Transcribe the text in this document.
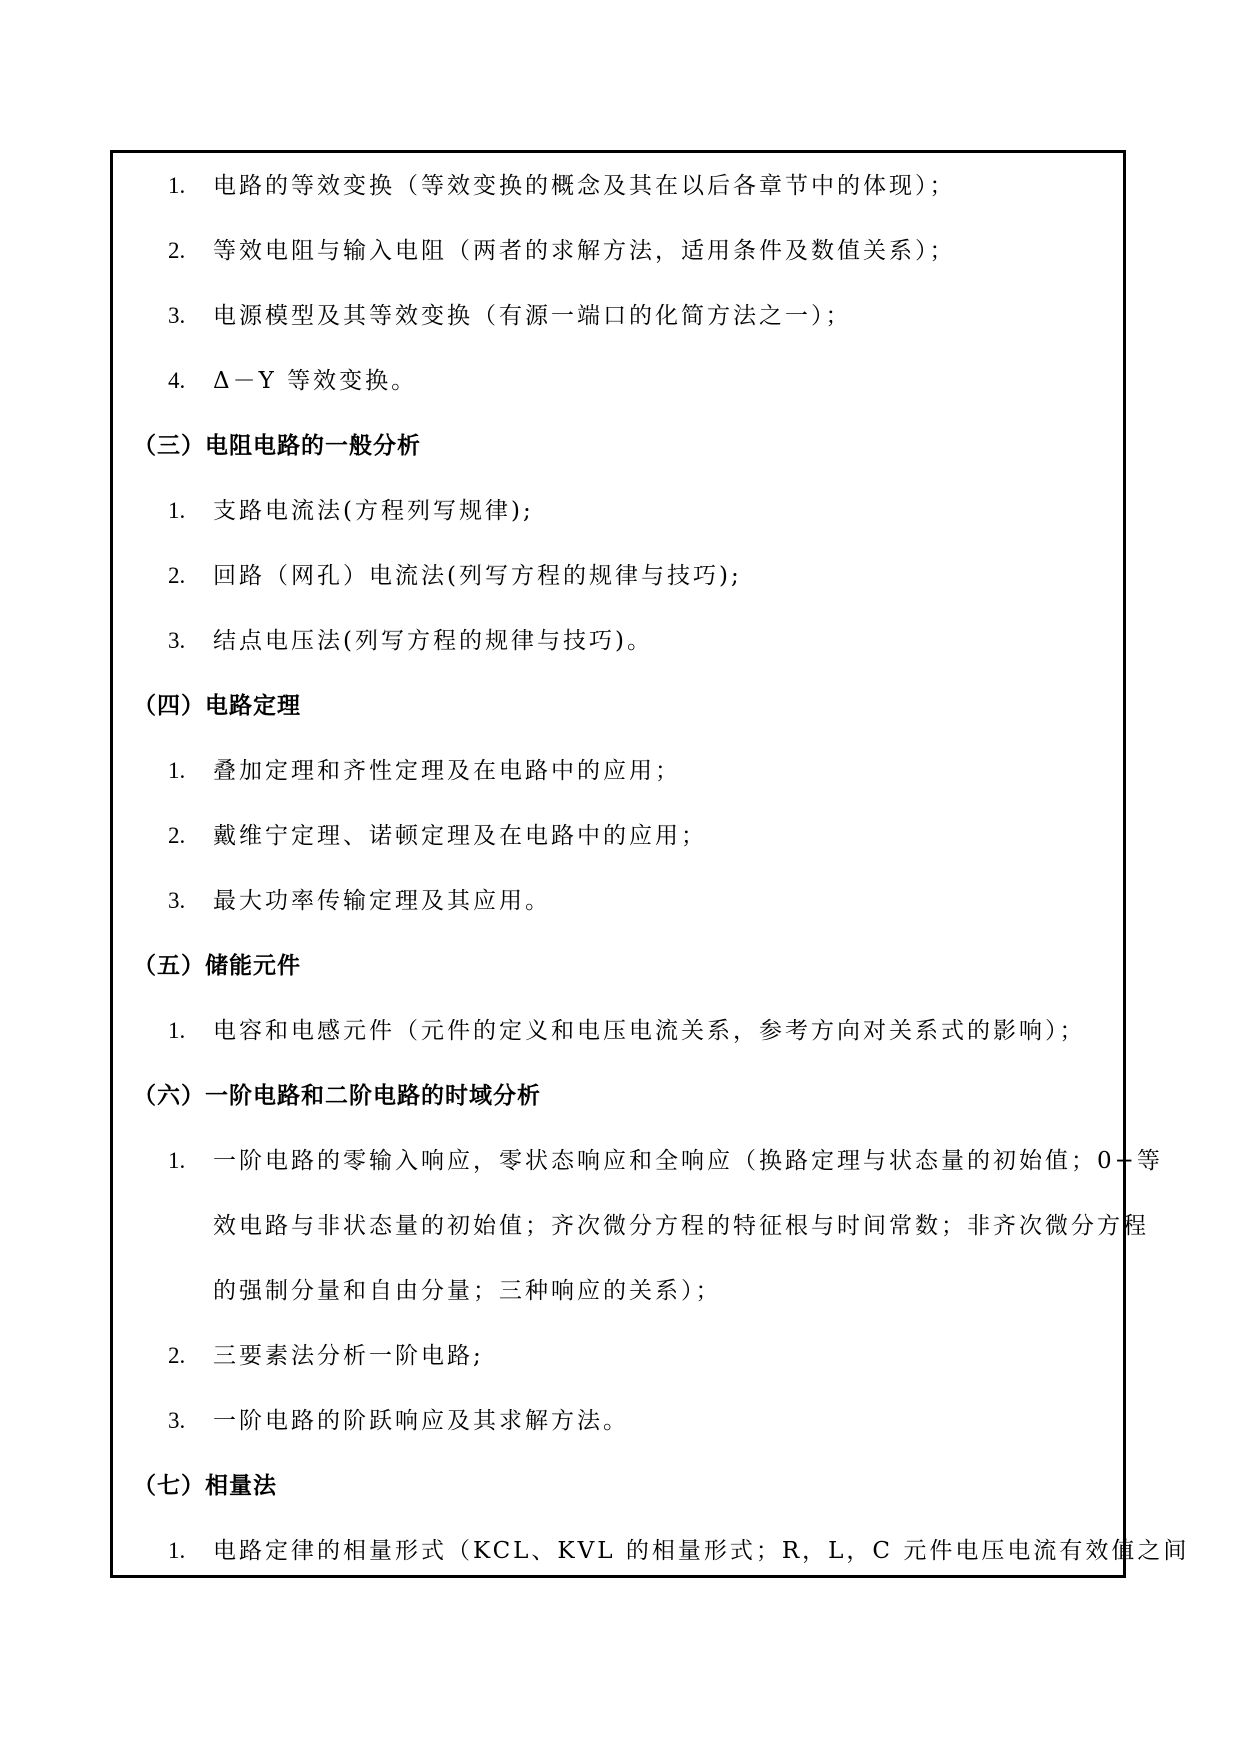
1.	电路的等效变换（等效变换的概念及其在以后各章节中的体现）；
2.	等效电阻与输入电阻（两者的求解方法，适用条件及数值关系）；
3.	电源模型及其等效变换（有源一端口的化简方法之一）；
4.	Δ－Y 等效变换。
（三）电阻电路的一般分析
1.	支路电流法(方程列写规律);
2.	回路（网孔）电流法(列写方程的规律与技巧);
3.	结点电压法(列写方程的规律与技巧)。
（四）电路定理
1.	叠加定理和齐性定理及在电路中的应用；
2.	戴维宁定理、诺顿定理及在电路中的应用；
3.	最大功率传输定理及其应用。
（五）储能元件
1.	电容和电感元件（元件的定义和电压电流关系，参考方向对关系式的影响）；
（六）一阶电路和二阶电路的时域分析
1.	一阶电路的零输入响应，零状态响应和全响应（换路定理与状态量的初始值；0+等
效电路与非状态量的初始值；齐次微分方程的特征根与时间常数；非齐次微分方程
的强制分量和自由分量；三种响应的关系）；
2.	三要素法分析一阶电路;
3.	一阶电路的阶跃响应及其求解方法。
（七）相量法
1.	电路定律的相量形式（KCL、KVL 的相量形式；R，L，C 元件电压电流有效值之间
